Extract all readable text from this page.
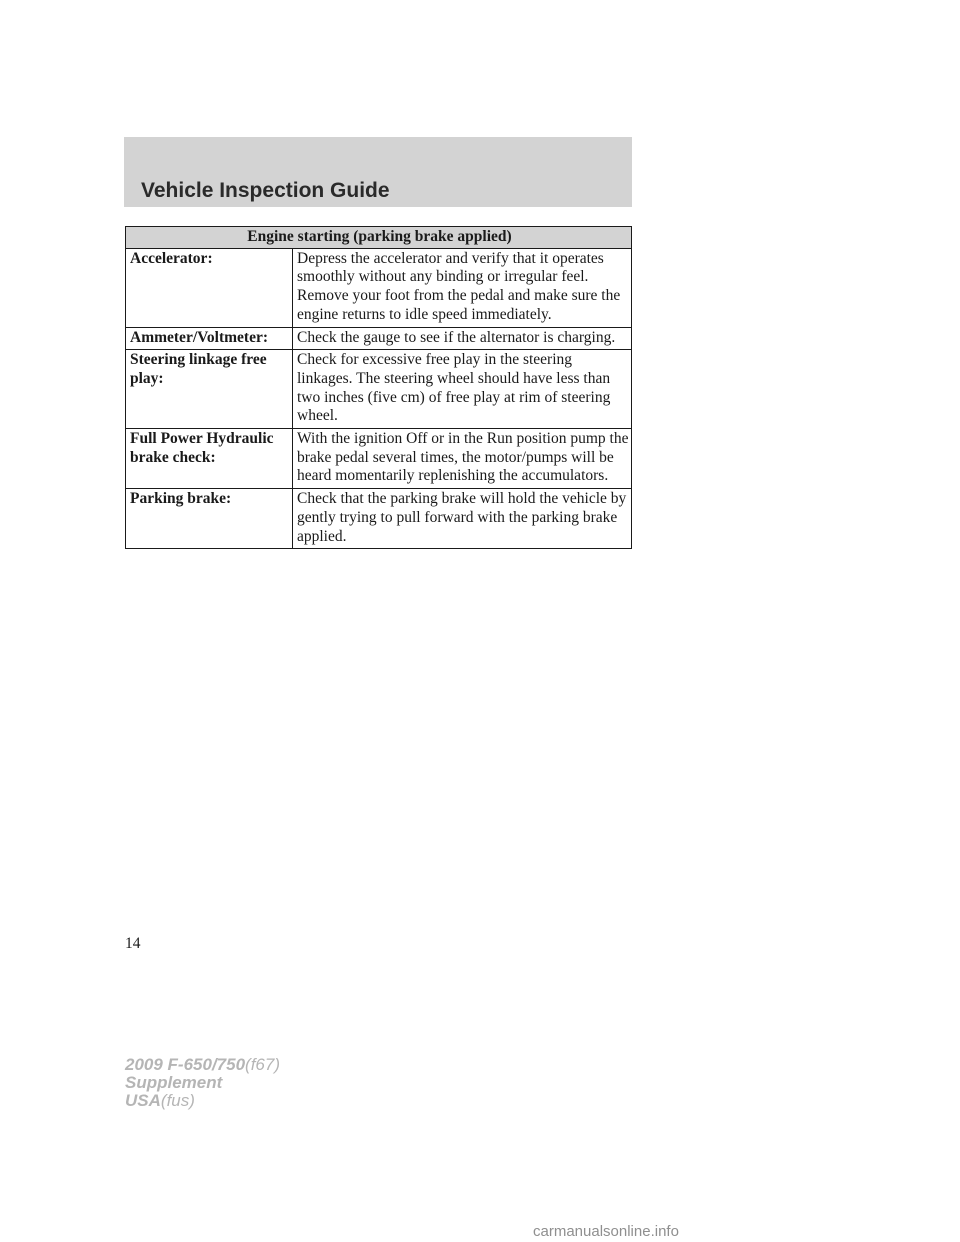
Vehicle Inspection Guide
Engine starting (parking brake applied)	
Accelerator:	Depress the accelerator and verify that it operates smoothly without any binding or irregular feel. Remove your foot from the pedal and make sure the engine returns to idle speed immediately.
Ammeter/Voltmeter:	Check the gauge to see if the alternator is charging.
Steering linkage free play:	Check for excessive free play in the steering linkages. The steering wheel should have less than two inches (five cm) of free play at rim of steering wheel.
Full Power Hydraulic brake check:	With the ignition Off or in the Run position pump the brake pedal several times, the motor/pumps will be heard momentarily replenishing the accumulators.
Parking brake:	Check that the parking brake will hold the vehicle by gently trying to pull forward with the parking brake applied.
14
2009 F-650/750(f67)
Supplement
USA(fus)
carmanualsonline.info
